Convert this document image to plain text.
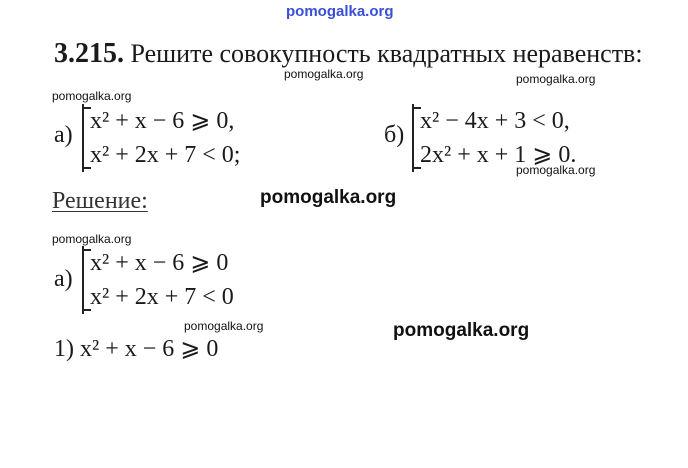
pomogalka.org
3.215. Решите совокупность квадратных неравенств:
pomogalka.org	pomogalka.org
pomogalka.org
а)
x² + x − 6 ⩾ 0,
x² + 2x + 7 < 0;
б)
x² − 4x + 3 < 0,
2x² + x + 1 ⩾ 0.
pomogalka.org
pomogalka.org
Решение:
pomogalka.org
а)
x² + x − 6 ⩾ 0
x² + 2x + 7 < 0
pomogalka.org	pomogalka.org
1) x² + x − 6 ⩾ 0
